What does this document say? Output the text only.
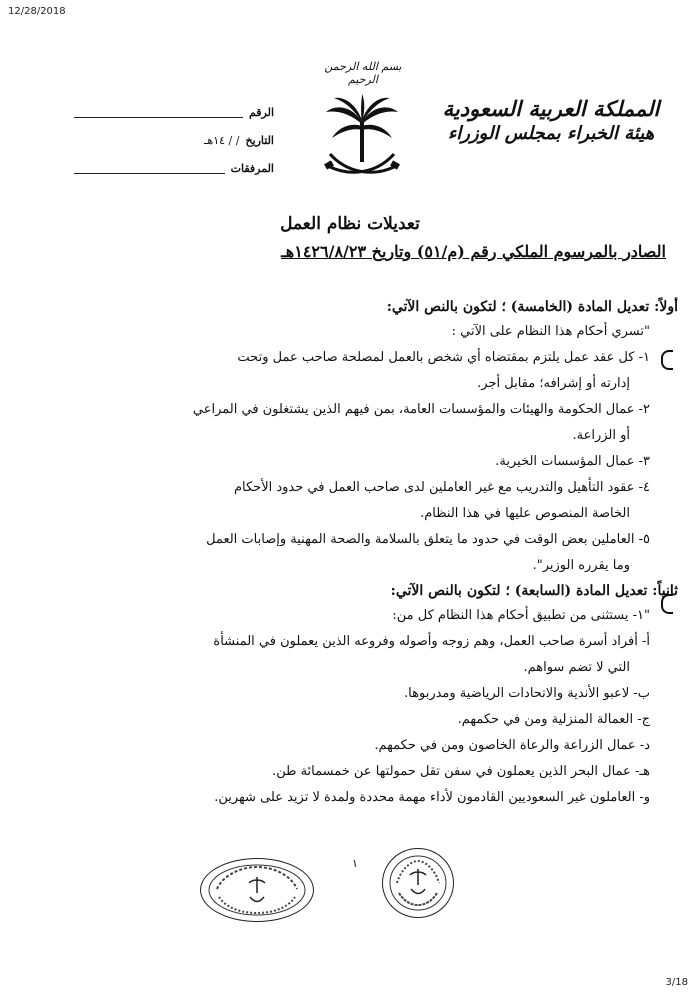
12/28/2018
بسم الله الرحمن الرحيم
الرقم
التاريخ
/ / ١٤هـ
المرفقات
المملكة العربية السعودية
هيئة الخبراء بمجلس الوزراء
تعديلات نظام العمل
الصادر بالمرسوم الملكي رقم (م/٥١) وتاريخ ١٤٢٦/٨/٢٣هـ
أولاً: تعديل المادة (الخامسة) ؛ لتكون بالنص الآتي:
"تسري أحكام هذا النظام على الآتي :
١- كل عقد عمل يلتزم بمقتضاه أي شخص بالعمل لمصلحة صاحب عمل وتحت
إدارته أو إشرافه؛ مقابل أجر.
٢- عمال الحكومة والهيئات والمؤسسات العامة، بمن فيهم الذين يشتغلون في المراعي
أو الزراعة.
٣- عمال المؤسسات الخيرية.
٤- عقود التأهيل والتدريب مع غير العاملين لدى صاحب العمل في حدود الأحكام
الخاصة المنصوص عليها في هذا النظام.
٥- العاملين بعض الوقت في حدود ما يتعلق بالسلامة والصحة المهنية وإصابات العمل
وما يقرره الوزير".
ثانياً: تعديل المادة (السابعة) ؛ لتكون بالنص الآتي:
"١- يستثنى من تطبيق أحكام هذا النظام كل من:
أ- أفراد أسرة صاحب العمل، وهم زوجه وأصوله وفروعه الذين يعملون في المنشأة
التي لا تضم سواهم.
ب- لاعبو الأندية والاتحادات الرياضية ومدربوها.
ج- العمالة المنزلية ومن في حكمهم.
د- عمال الزراعة والرعاة الخاصون ومن في حكمهم.
هـ- عمال البحر الذين يعملون في سفن تقل حمولتها عن خمسمائة طن.
و- العاملون غير السعوديين القادمون لأداء مهمة محددة ولمدة لا تزيد على شهرين.
١
3/18
